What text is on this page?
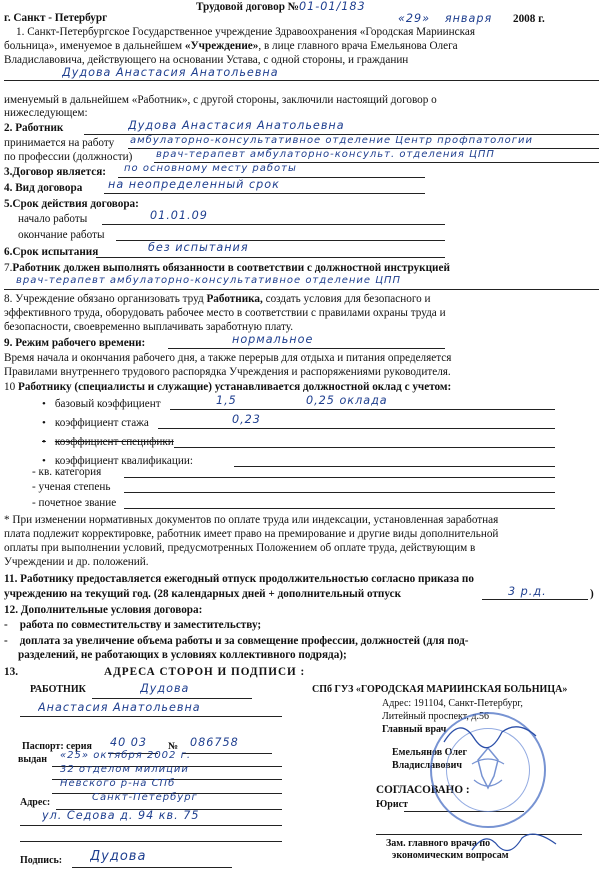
Трудовой договор №01-01/183
г. Санкт - Петербург	«29» января 2008 г.
1. Санкт-Петербургское Государственное учреждение Здравоохранения «Городская Мариинская
больница», именуемое в дальнейшем «Учреждение», в лице главного врача Емельянова Олега
Владиславовича, действующего на основании Устава, с одной стороны, и гражданин
Дудова Анастасия Анатольевна
именуемый в дальнейшем «Работник», с другой стороны, заключили настоящий договор о
нижеследующем:
2. Работник	Дудова Анастасия Анатольевна
принимается на работу	амбулаторно-консультативное отделение Центр профпатологии
по профессии (должности)	врач-терапевт амбулаторно-консульт. отделения ЦПП
3.Договор является:	по основному месту работы
4. Вид договора	на неопределенный срок
5.Срок действия договора:
начало работы	01.01.09
окончание работы
6.Срок испытания	без испытания
7.Работник должен выполнять обязанности в соответствии с должностной инструкцией
врач-терапевт амбулаторно-консультативное отделение ЦПП
8. Учреждение обязано организовать труд Работника, создать условия для безопасного и
эффективного труда, оборудовать рабочее место в соответствии с правилами охраны труда и
безопасности, своевременно выплачивать заработную плату.
9. Режим рабочего времени:	нормальное
Время начала и окончания рабочего дня, а также перерыв для отдыха и питания определяется
Правилами внутреннего трудового распорядка Учреждения и распоряжениями руководителя.
10 Работнику (специалисты и служащие) устанавливается должностной оклад с учетом:
• базовый коэффициент	1,5	0,25 оклада
• коэффициент стажа	0,23
• коэффициент специфики
• коэффициент квалификации:
- кв. категория
- ученая степень
- почетное звание
* При изменении нормативных документов по оплате труда или индексации, установленная заработная
плата подлежит корректировке, работник имеет право на премирование и другие виды дополнительной
оплаты при выполнении условий, предусмотренных Положением об оплате труда, действующим в
Учреждении и др. положений.
11. Работнику предоставляется ежегодный отпуск продолжительностью согласно приказа по
учреждению на текущий год. (28 календарных дней + дополнительный отпуск	3 р.д.	)
12. Дополнительные условия договора:
- работа по совместительству и заместительству;
- доплата за увеличение объема работы и за совмещение профессии, должностей (для под-
разделений, не работающих в условиях коллективного подряда);
13.	АДРЕСА СТОРОН И ПОДПИСИ :
РАБОТНИК	Дудова
Анастасия Анатольевна
Паспорт: серия	40 03	№	086758
выдан	«25» октября 2002 г.
32 отделом милиции
Невского р-на СПб
Адрес:	Санкт-Петербург
ул. Седова д. 94 кв. 75
Подпись:	Дудова
СПб ГУЗ «ГОРОДСКАЯ МАРИИНСКАЯ БОЛЬНИЦА»
Адрес: 191104, Санкт-Петербург,
Литейный проспект, д.56
Главный врач
Емельянов Олег
Владиславович
СОГЛАСОВАНО :
Юрист
Зам. главного врача по
экономическим вопросам
